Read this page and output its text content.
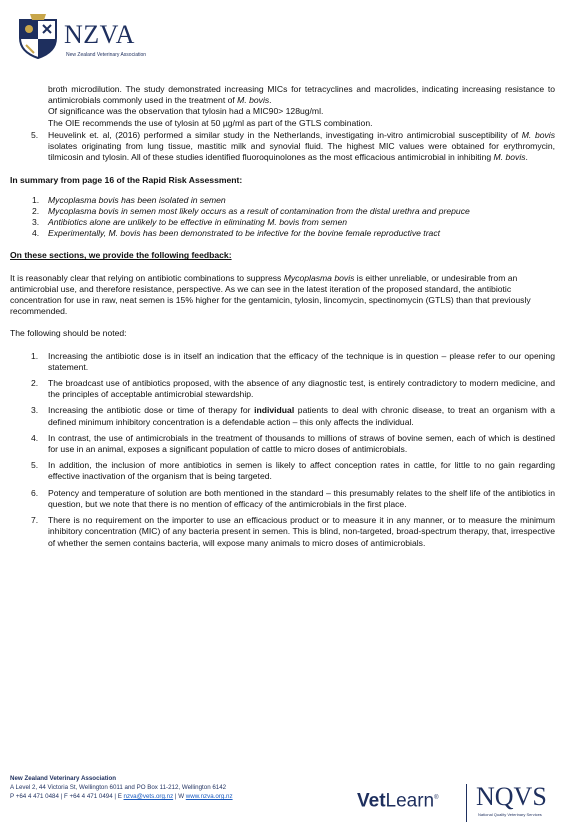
NZVA
New Zealand Veterinary Association

broth microdilution. The study demonstrated increasing MICs for tetracyclines and macrolides, indicating increasing resistance to antimicrobials commonly used in the treatment of M. bovis.

Of significance was the observation that tylosin had a MIC90> 128ug/ml.

The OIE recommends the use of tylosin at 50 µg/ml as part of the GTLS combination.

5. Heuvelink et. al, (2016) performed a similar study in the Netherlands, investigating in-vitro antimicrobial susceptibility of M. bovis isolates originating from lung tissue, mastitic milk and synovial fluid. The highest MIC values were obtained for erythromycin, tilmicosin and tylosin. All of these studies identified fluoroquinolones as the most efficacious antimicrobial in inhibiting M. bovis.

In summary from page 16 of the Rapid Risk Assessment:

1. Mycoplasma bovis has been isolated in semen
2. Mycoplasma bovis in semen most likely occurs as a result of contamination from the distal urethra and prepuce
3. Antibiotics alone are unlikely to be effective in eliminating M. bovis from semen
4. Experimentally, M. bovis has been demonstrated to be infective for the bovine female reproductive tract

On these sections, we provide the following feedback:

It is reasonably clear that relying on antibiotic combinations to suppress Mycoplasma bovis is either unreliable, or undesirable from an antimicrobial use, and therefore resistance, perspective. As we can see in the latest iteration of the proposed standard, the antibiotic concentration for use in raw, neat semen is 15% higher for the gentamicin, tylosin, lincomycin, spectinomycin (GTLS) than that previously recommended.

The following should be noted:

1. Increasing the antibiotic dose is in itself an indication that the efficacy of the technique is in question – please refer to our opening statement.
2. The broadcast use of antibiotics proposed, with the absence of any diagnostic test, is entirely contradictory to modern medicine, and the principles of acceptable antimicrobial stewardship.
3. Increasing the antibiotic dose or time of therapy for individual patients to deal with chronic disease, to treat an organism with a defined minimum inhibitory concentration is a defendable action – this only affects the individual.
4. In contrast, the use of antimicrobials in the treatment of thousands to millions of straws of bovine semen, each of which is destined for use in an animal, exposes a significant population of cattle to micro doses of antimicrobials.
5. In addition, the inclusion of more antibiotics in semen is likely to affect conception rates in cattle, for little to no gain regarding effective inactivation of the organism that is being targeted.
6. Potency and temperature of solution are both mentioned in the standard – this presumably relates to the shelf life of the antibiotics in question, but we note that there is no mention of efficacy of the antimicrobials in the first place.
7. There is no requirement on the importer to use an efficacious product or to measure it in any manner, or to measure the minimum inhibitory concentration (MIC) of any bacteria present in semen. This is blind, non-targeted, broad-spectrum therapy, that, irrespective of whether the semen contains bacteria, will expose many animals to micro doses of antimicrobials.
New Zealand Veterinary Association
A Level 2, 44 Victoria St, Wellington 6011 and PO Box 11-212, Wellington 6142
P +64 4 471 0484 | F +64 4 471 0494 | E nzva@vets.org.nz | W www.nzva.org.nz	VetLearn® NQVS
National Quality Veterinary Services
